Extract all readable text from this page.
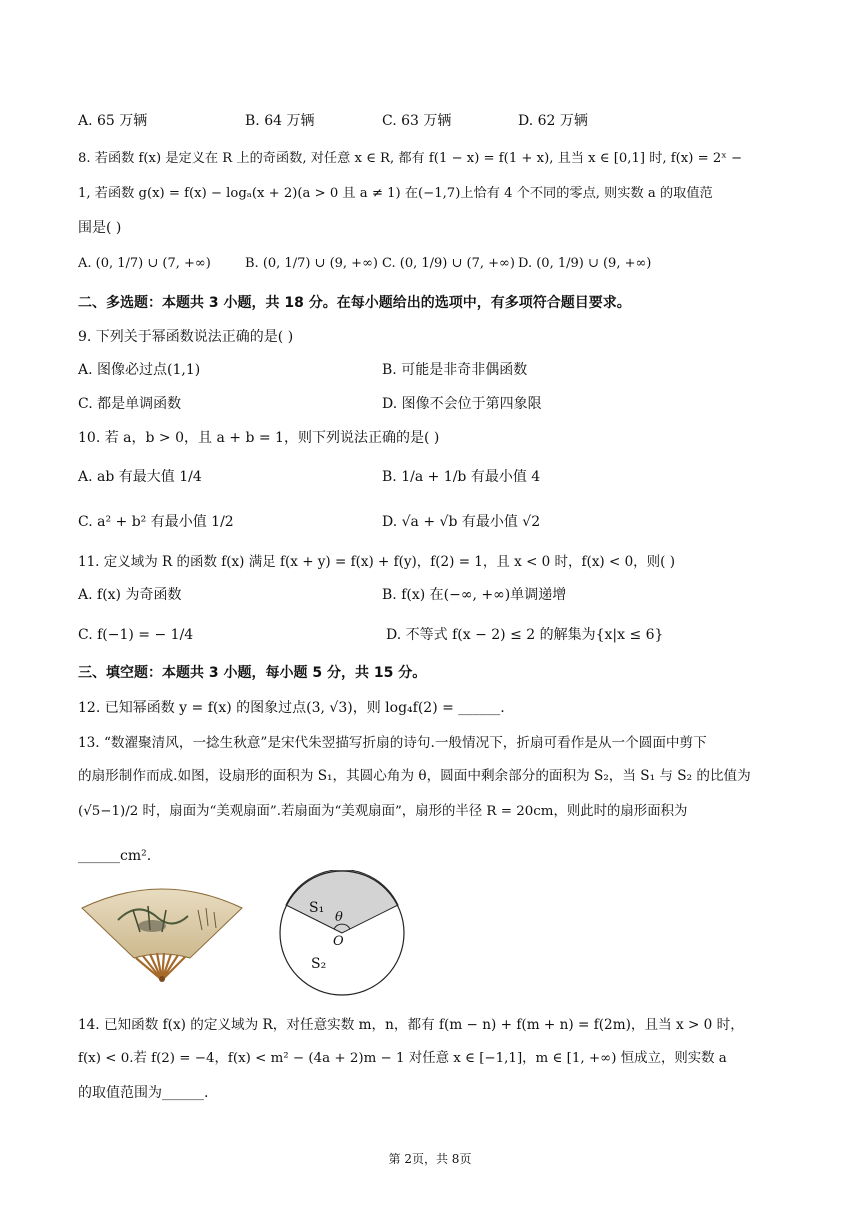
A. 65 万辆	B. 64 万辆	C. 63 万辆	D. 62 万辆
8. 若函数 f(x) 是定义在 R 上的奇函数, 对任意 x ∈ R, 都有 f(1 − x) = f(1 + x), 且当 x ∈ [0,1] 时, f(x) = 2ˣ −
1, 若函数 g(x) = f(x) − logₐ(x + 2)(a > 0 且 a ≠ 1) 在(−1,7)上恰有 4 个不同的零点, 则实数 a 的取值范
围是( )
A. (0, 1/7) ∪ (7, +∞)	B. (0, 1/7) ∪ (9, +∞) C. (0, 1/9) ∪ (7, +∞) D. (0, 1/9) ∪ (9, +∞)
二、多选题：本题共 3 小题，共 18 分。在每小题给出的选项中，有多项符合题目要求。
9. 下列关于幂函数说法正确的是( )
A. 图像必过点(1,1)	B. 可能是非奇非偶函数
C. 都是单调函数	D. 图像不会位于第四象限
10. 若 a，b > 0，且 a + b = 1，则下列说法正确的是( )
A. ab 有最大值 1/4	B. 1/a + 1/b 有最小值 4
C. a² + b² 有最小值 1/2	D. √a + √b 有最小值 √2
11. 定义域为 R 的函数 f(x) 满足 f(x + y) = f(x) + f(y)，f(2) = 1，且 x < 0 时，f(x) < 0，则( )
A. f(x) 为奇函数	B. f(x) 在(−∞, +∞)单调递增
C. f(−1) = − 1/4	D. 不等式 f(x − 2) ≤ 2 的解集为{x|x ≤ 6}
三、填空题：本题共 3 小题，每小题 5 分，共 15 分。
12. 已知幂函数 y = f(x) 的图象过点(3, √3)，则 log₄f(2) = ______.
13. “数濯聚清风，一捻生秋意”是宋代朱翌描写折扇的诗句.一般情况下，折扇可看作是从一个圆面中剪下
的扇形制作而成.如图，设扇形的面积为 S₁，其圆心角为 θ，圆面中剩余部分的面积为 S₂，当 S₁ 与 S₂ 的比值为
(√5−1)/2 时，扇面为“美观扇面”.若扇面为“美观扇面”，扇形的半径 R = 20cm，则此时的扇形面积为
______cm².
S₁
θ
O
S₂
14. 已知函数 f(x) 的定义域为 R，对任意实数 m，n，都有 f(m − n) + f(m + n) = f(2m)，且当 x > 0 时，
f(x) < 0.若 f(2) = −4，f(x) < m² − (4a + 2)m − 1 对任意 x ∈ [−1,1]，m ∈ [1, +∞) 恒成立，则实数 a
的取值范围为______.
第 2页，共 8页
